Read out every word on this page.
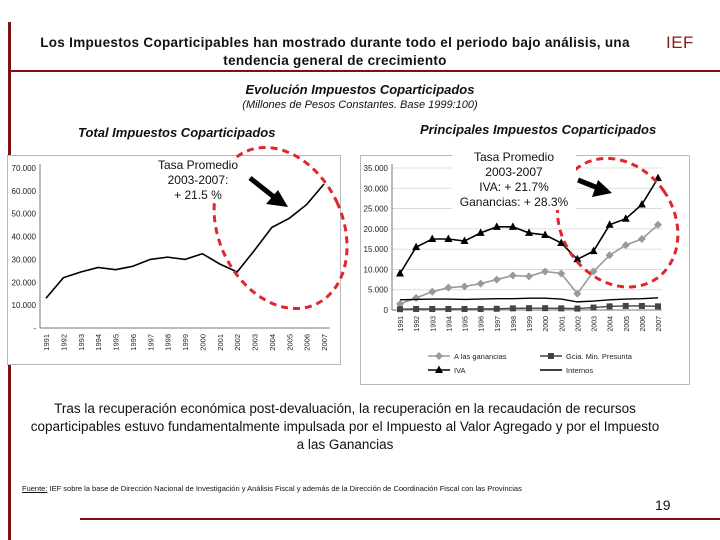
Los Impuestos Coparticipables han mostrado durante todo el periodo bajo análisis, una tendencia general de crecimiento
IEF
Evolución Impuestos Coparticipados
(Millones de Pesos Constantes. Base 1999:100)
Total Impuestos Coparticipados	Principales Impuestos Coparticipados
-
10.000
20.000
30.000
40.000
50.000
60.000
70.000
1991 1992 1993 1994 1995 1996 1997 1998 1999 2000 2001 2002 2003 2004 2005 2006 2007
0
5.000
10.000
15.000
20.000
25.000
30.000
35.000
1991 1992 1993 1994 1995 1996 1997 1998 1999 2000 2001 2002 2003 2004 2005 2006 2007
A las ganancias	Gcia. Min. Presunta
IVA	Internos
Tasa Promedio
2003-2007:
+ 21.5 %
Tasa Promedio
2003-2007
IVA: + 21.7%
Ganancias: + 28.3%
Tras la recuperación económica post-devaluación, la recuperación en la recaudación de recursos coparticipables estuvo fundamentalmente impulsada por el Impuesto al Valor Agregado y por el Impuesto a las Ganancias
Fuente: IEF sobre la base de Dirección Nacional de Investigación y Análisis Fiscal y además de la Dirección de Coordinación Fiscal con las Provincias
19
